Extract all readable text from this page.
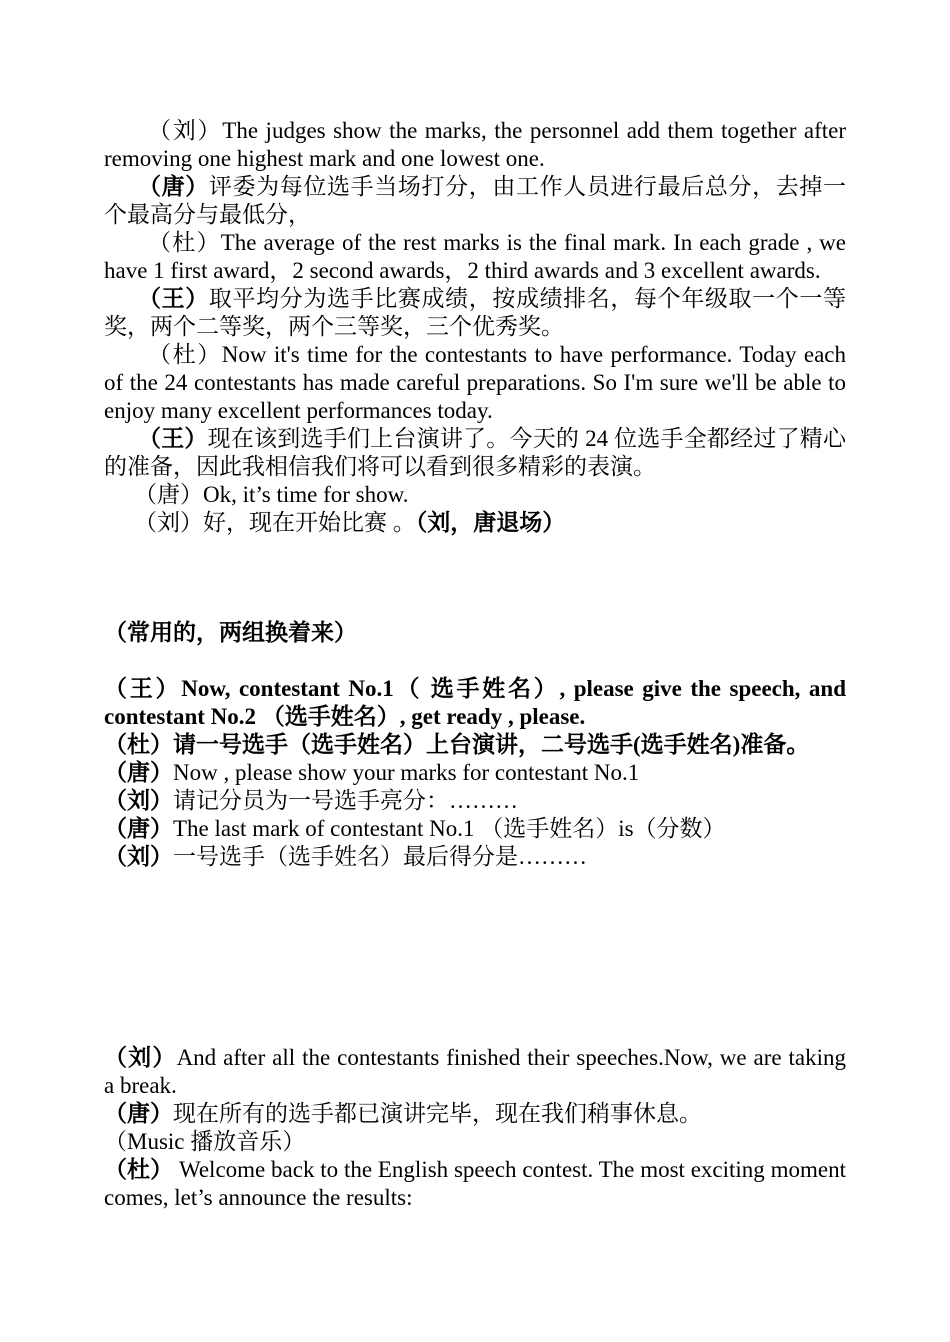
（刘）The judges show the marks, the personnel add them together after removing one highest mark and one lowest one.

（唐）评委为每位选手当场打分，由工作人员进行最后总分，去掉一个最高分与最低分，

（杜）The average of the rest marks is the final mark. In each grade , we have 1 first award，2 second awards，2 third awards and 3 excellent awards.

（王）取平均分为选手比赛成绩，按成绩排名，每个年级取一个一等奖，两个二等奖，两个三等奖，三个优秀奖。

（杜）Now it's time for the contestants to have performance. Today each of the 24 contestants has made careful preparations. So I'm sure we'll be able to enjoy many excellent performances today.

（王）现在该到选手们上台演讲了。今天的 24 位选手全都经过了精心的准备，因此我相信我们将可以看到很多精彩的表演。

（唐）Ok, it’s time for show.

（刘）好，现在开始比赛 。（刘，唐退场）

（常用的，两组换着来）

（王）Now, contestant No.1（ 选手姓名）, please give the speech, and contestant No.2 （选手姓名）, get ready , please.

（杜）请一号选手（选手姓名）上台演讲，二号选手(选手姓名)准备。

（唐）Now , please show your marks for contestant No.1

（刘）请记分员为一号选手亮分：………

（唐）The last mark of contestant No.1 （选手姓名）is（分数）

（刘）一号选手（选手姓名）最后得分是………

（刘）And after all the contestants finished their speeches.Now, we are taking a break.

（唐）现在所有的选手都已演讲完毕，现在我们稍事休息。

（Music 播放音乐）

（杜） Welcome back to the English speech contest. The most exciting moment comes, let’s announce the results:
